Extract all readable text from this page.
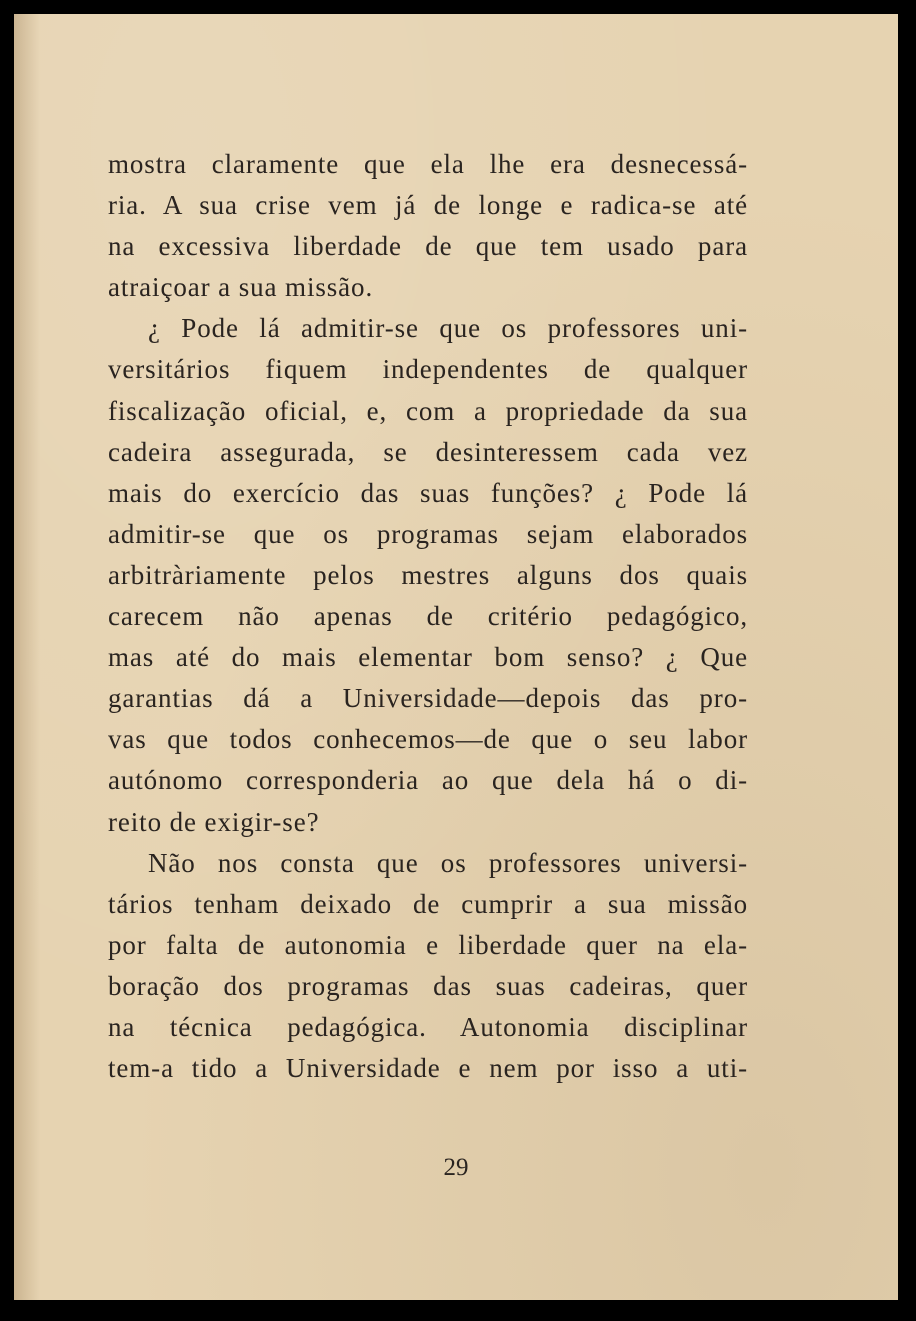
mostra claramente que ela lhe era desnecessá-
ria. A sua crise vem já de longe e radica-se até
na excessiva liberdade de que tem usado para
atraiçoar a sua missão.
¿ Pode lá admitir-se que os professores uni-
versitários fiquem independentes de qualquer
fiscalização oficial, e, com a propriedade da sua
cadeira assegurada, se desinteressem cada vez
mais do exercício das suas funções? ¿ Pode lá
admitir-se que os programas sejam elaborados
arbitràriamente pelos mestres alguns dos quais
carecem não apenas de critério pedagógico,
mas até do mais elementar bom senso? ¿ Que
garantias dá a Universidade—depois das pro-
vas que todos conhecemos—de que o seu labor
autónomo corresponderia ao que dela há o di-
reito de exigir-se?
Não nos consta que os professores universi-
tários tenham deixado de cumprir a sua missão
por falta de autonomia e liberdade quer na ela-
boração dos programas das suas cadeiras, quer
na técnica pedagógica. Autonomia disciplinar
tem-a tido a Universidade e nem por isso a uti-
29
